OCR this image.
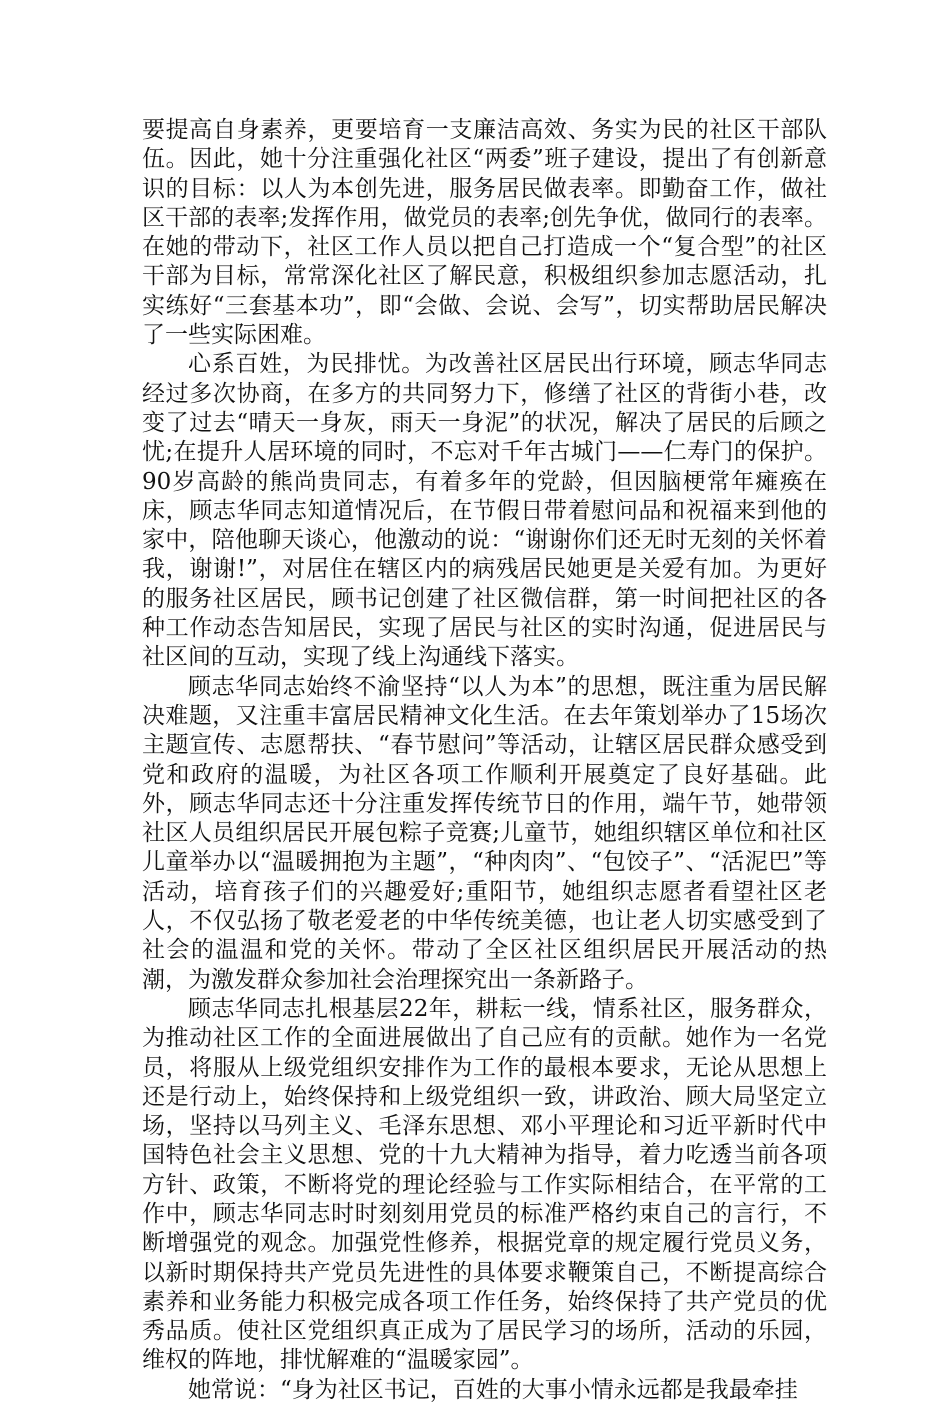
要提高自身素养，更要培育一支廉洁高效、务实为民的社区干部队伍。因此，她十分注重强化社区“两委”班子建设，提出了有创新意识的目标：以人为本创先进，服务居民做表率。即勤奋工作，做社区干部的表率;发挥作用，做党员的表率;创先争优，做同行的表率。在她的带动下，社区工作人员以把自己打造成一个“复合型”的社区干部为目标，常常深化社区了解民意，积极组织参加志愿活动，扎实练好“三套基本功”，即“会做、会说、会写”，切实帮助居民解决了一些实际困难。

心系百姓，为民排忧。为改善社区居民出行环境，顾志华同志经过多次协商，在多方的共同努力下，修缮了社区的背街小巷，改变了过去“晴天一身灰，雨天一身泥”的状况，解决了居民的后顾之忧;在提升人居环境的同时，不忘对千年古城门——仁寿门的保护。90岁高龄的熊尚贵同志，有着多年的党龄，但因脑梗常年瘫痪在床，顾志华同志知道情况后，在节假日带着慰问品和祝福来到他的家中，陪他聊天谈心，他激动的说：“谢谢你们还无时无刻的关怀着我，谢谢!”，对居住在辖区内的病残居民她更是关爱有加。为更好的服务社区居民，顾书记创建了社区微信群，第一时间把社区的各种工作动态告知居民，实现了居民与社区的实时沟通，促进居民与社区间的互动，实现了线上沟通线下落实。

顾志华同志始终不渝坚持“以人为本”的思想，既注重为居民解决难题，又注重丰富居民精神文化生活。在去年策划举办了15场次主题宣传、志愿帮扶、“春节慰问”等活动，让辖区居民群众感受到党和政府的温暖，为社区各项工作顺利开展奠定了良好基础。此外，顾志华同志还十分注重发挥传统节日的作用，端午节，她带领社区人员组织居民开展包粽子竞赛;儿童节，她组织辖区单位和社区儿童举办以“温暖拥抱为主题”，“种肉肉”、“包饺子”、“活泥巴”等活动，培育孩子们的兴趣爱好;重阳节，她组织志愿者看望社区老人，不仅弘扬了敬老爱老的中华传统美德，也让老人切实感受到了社会的温温和党的关怀。带动了全区社区组织居民开展活动的热潮，为激发群众参加社会治理探究出一条新路子。

顾志华同志扎根基层22年，耕耘一线，情系社区，服务群众，为推动社区工作的全面进展做出了自己应有的贡献。她作为一名党员，将服从上级党组织安排作为工作的最根本要求，无论从思想上还是行动上，始终保持和上级党组织一致，讲政治、顾大局坚定立场，坚持以马列主义、毛泽东思想、邓小平理论和习近平新时代中国特色社会主义思想、党的十九大精神为指导，着力吃透当前各项方针、政策，不断将党的理论经验与工作实际相结合，在平常的工作中，顾志华同志时时刻刻用党员的标准严格约束自己的言行，不断增强党的观念。加强党性修养，根据党章的规定履行党员义务，以新时期保持共产党员先进性的具体要求鞭策自己，不断提高综合素养和业务能力积极完成各项工作任务，始终保持了共产党员的优秀品质。使社区党组织真正成为了居民学习的场所，活动的乐园，维权的阵地，排忧解难的“温暖家园”。

她常说：“身为社区书记，百姓的大事小情永远都是我最牵挂
